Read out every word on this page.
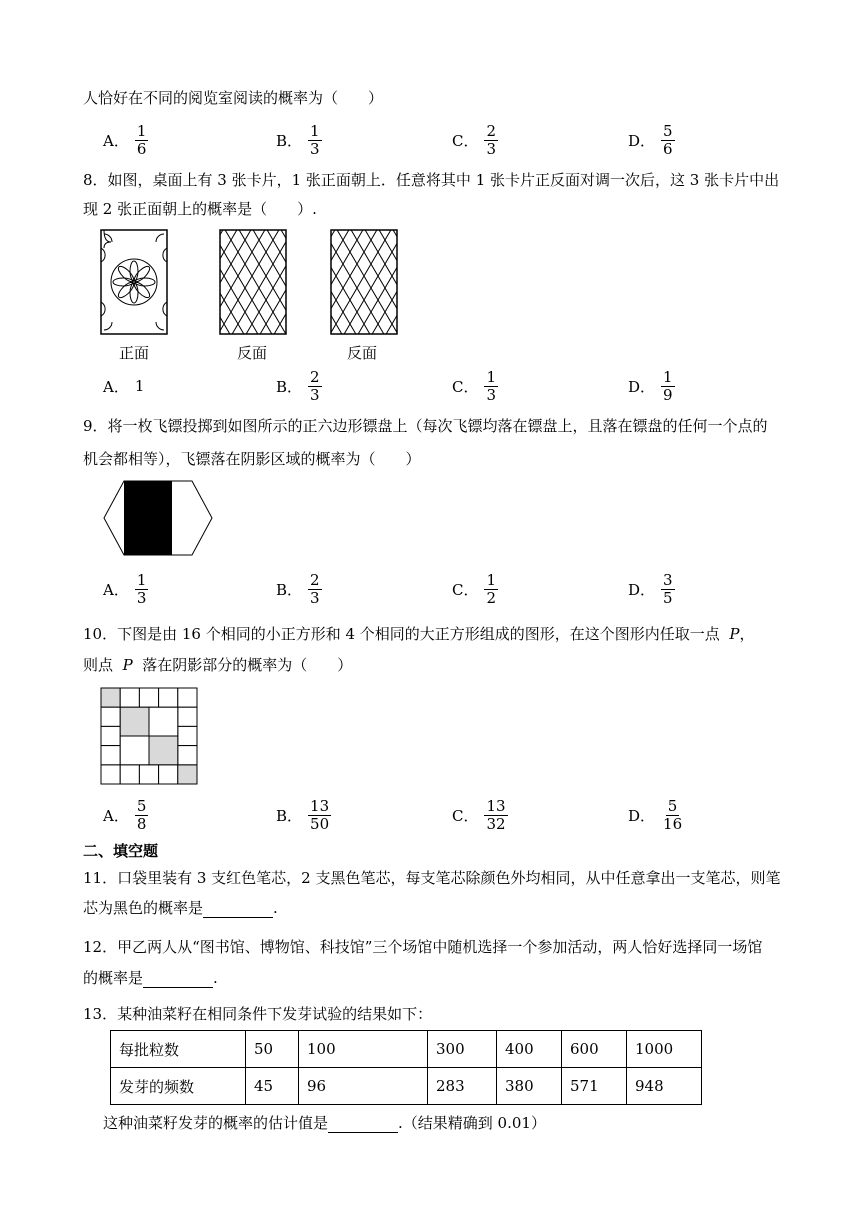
人恰好在不同的阅览室阅读的概率为（　　）
A． $\frac{1}{6}$	B． $\frac{1}{3}$	C． $\frac{2}{3}$	D． $\frac{5}{6}$
8．如图，桌面上有 3 张卡片，1 张正面朝上．任意将其中 1 张卡片正反面对调一次后，这 3 张卡片中出
现 2 张正面朝上的概率是（　　）.
正面	反面	反面
A． 1	B． $\frac{2}{3}$	C． $\frac{1}{3}$	D． $\frac{1}{9}$
9．将一枚飞镖投掷到如图所示的正六边形镖盘上（每次飞镖均落在镖盘上，且落在镖盘的任何一个点的
机会都相等），飞镖落在阴影区域的概率为（　　）
A． $\frac{1}{3}$	B． $\frac{2}{3}$	C． $\frac{1}{2}$	D． $\frac{3}{5}$
10．下图是由 16 个相同的小正方形和 4 个相同的大正方形组成的图形，在这个图形内任取一点 P，
则点 P 落在阴影部分的概率为（　　）
A． $\frac{5}{8}$	B． $\frac{13}{50}$	C． $\frac{13}{32}$	D． $\frac{5}{16}$
二、填空题
11．口袋里装有 3 支红色笔芯，2 支黑色笔芯，每支笔芯除颜色外均相同，从中任意拿出一支笔芯，则笔
芯为黑色的概率是	.
12．甲乙两人从“图书馆、博物馆、科技馆”三个场馆中随机选择一个参加活动，两人恰好选择同一场馆
的概率是	.
13．某种油菜籽在相同条件下发芽试验的结果如下：
每批粒数	50	100	300	400	600	1000
发芽的频数	45	96	283	380	571	948
这种油菜籽发芽的概率的估计值是	.（结果精确到 0.01）
